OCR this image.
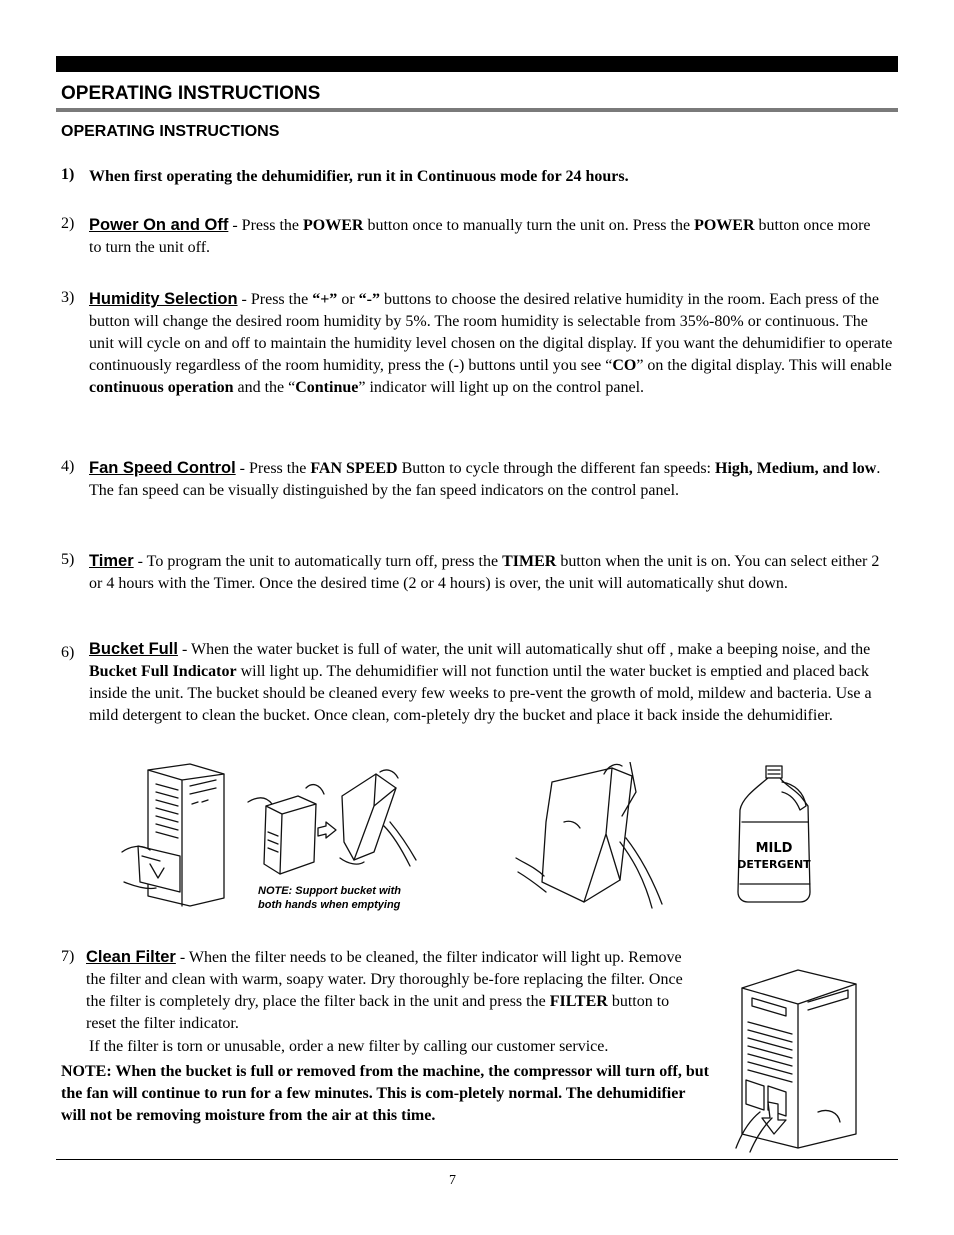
OPERATING INSTRUCTIONS
OPERATING INSTRUCTIONS
1) When first operating the dehumidifier, run it in Continuous mode for 24 hours.
2) Power On and Off - Press the POWER button once to manually turn the unit on. Press the POWER button once more to turn the unit off.
3) Humidity Selection - Press the “+” or “-” buttons to choose the desired relative humidity in the room. Each press of the button will change the desired room humidity by 5%. The room humidity is selectable from 35%-80% or continuous. The unit will cycle on and off to maintain the humidity level chosen on the digital display. If you want the dehumidifier to operate continuously regardless of the room humidity, press the (-) buttons until you see “CO” on the digital display. This will enable continuous operation and the “Continue” indicator will light up on the control panel.
4) Fan Speed Control - Press the FAN SPEED Button to cycle through the different fan speeds: High, Medium, and low. The fan speed can be visually distinguished by the fan speed indicators on the control panel.
5) Timer - To program the unit to automatically turn off, press the TIMER button when the unit is on. You can select either 2 or 4 hours with the Timer. Once the desired time (2 or 4 hours) is over, the unit will automatically shut down.
6) Bucket Full - When the water bucket is full of water, the unit will automatically shut off , make a beeping noise, and the Bucket Full Indicator will light up. The dehumidifier will not function until the water bucket is emptied and placed back inside the unit. The bucket should be cleaned every few weeks to pre-vent the growth of mold, mildew and bacteria. Use a mild detergent to clean the bucket. Once clean, com-pletely dry the bucket and place it back inside the dehumidifier.
NOTE: Support bucket with
both hands when emptying
MILD
DETERGENT
7) Clean Filter - When the filter needs to be cleaned, the filter indicator will light up. Remove the filter and clean with warm, soapy water. Dry thoroughly be-fore replacing the filter. Once the filter is completely dry, place the filter back in the unit and press the FILTER button to reset the filter indicator.
If the filter is torn or unusable, order a new filter by calling our customer service.
NOTE: When the bucket is full or removed from the machine, the compressor will turn off, but the fan will continue to run for a few minutes. This is com-pletely normal. The dehumidifier will not be removing moisture from the air at this time.
7
